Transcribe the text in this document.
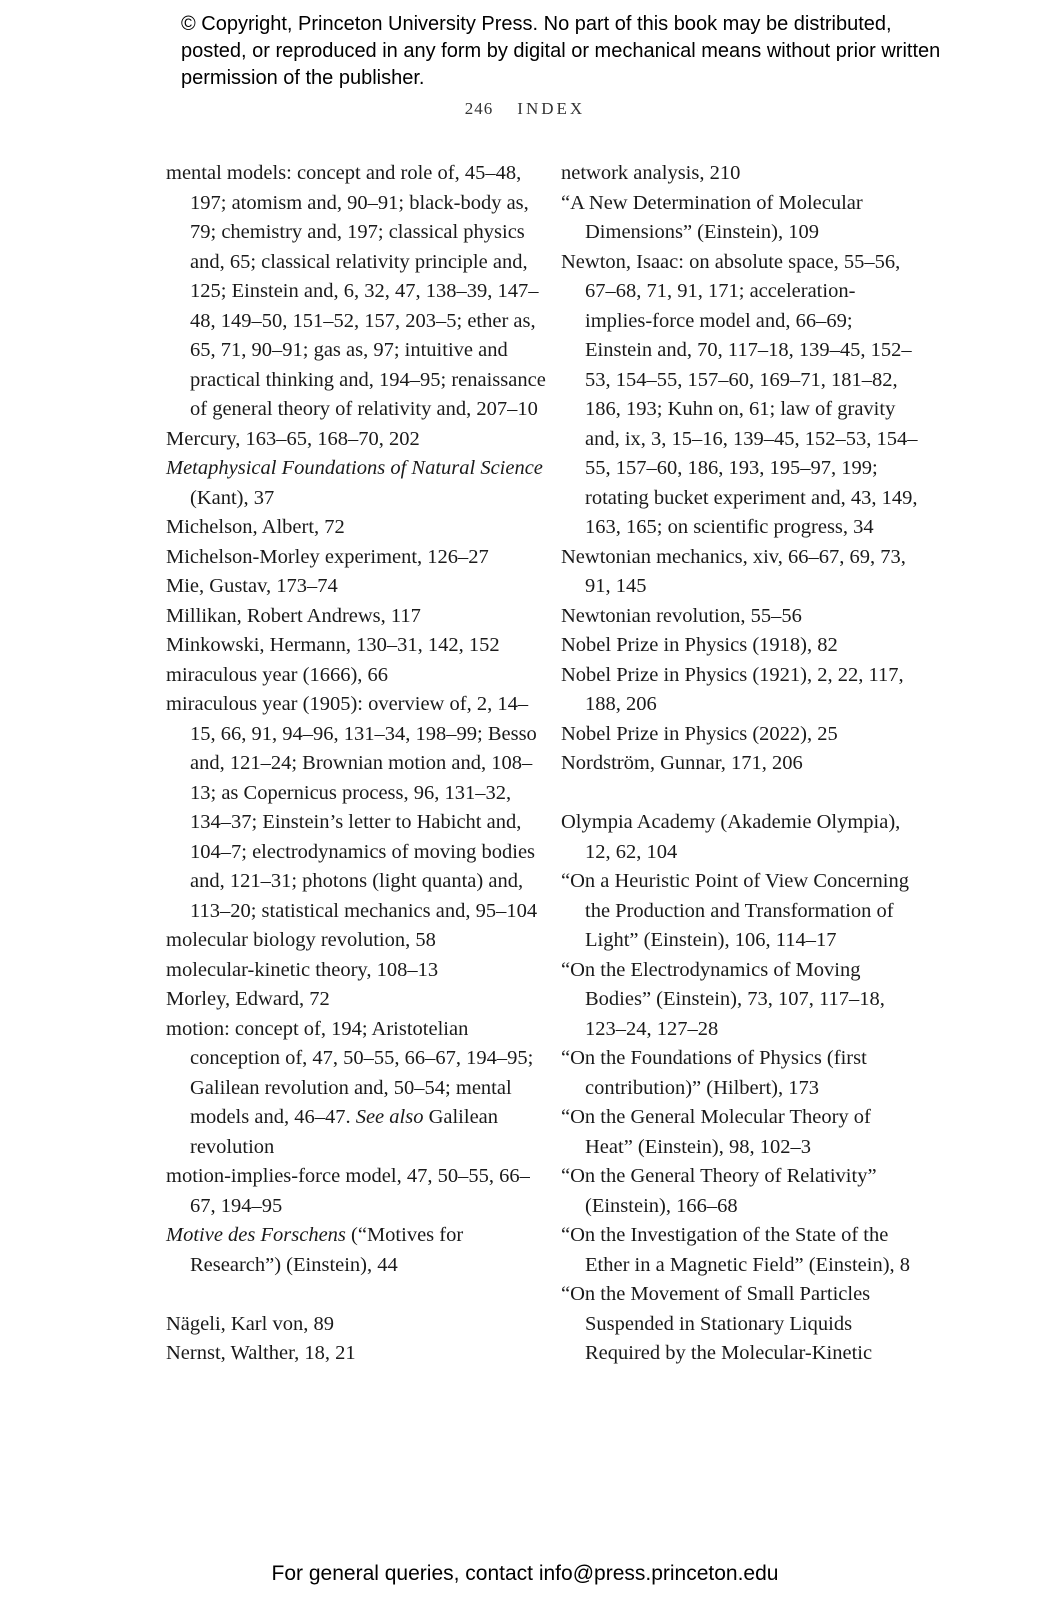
© Copyright, Princeton University Press. No part of this book may be distributed, posted, or reproduced in any form by digital or mechanical means without prior written permission of the publisher.
246 INDEX

mental models: concept and role of, 45–48, 197; atomism and, 90–91; black-body as, 79; chemistry and, 197; classical physics and, 65; classical relativity principle and, 125; Einstein and, 6, 32, 47, 138–39, 147–48, 149–50, 151–52, 157, 203–5; ether as, 65, 71, 90–91; gas as, 97; intuitive and practical thinking and, 194–95; renaissance of general theory of relativity and, 207–10

Mercury, 163–65, 168–70, 202

Metaphysical Foundations of Natural Science (Kant), 37

Michelson, Albert, 72

Michelson-Morley experiment, 126–27

Mie, Gustav, 173–74

Millikan, Robert Andrews, 117

Minkowski, Hermann, 130–31, 142, 152

miraculous year (1666), 66

miraculous year (1905): overview of, 2, 14–15, 66, 91, 94–96, 131–34, 198–99; Besso and, 121–24; Brownian motion and, 108–13; as Copernicus process, 96, 131–32, 134–37; Einstein’s letter to Habicht and, 104–7; electrodynamics of moving bodies and, 121–31; photons (light quanta) and, 113–20; statistical mechanics and, 95–104

molecular biology revolution, 58

molecular-kinetic theory, 108–13

Morley, Edward, 72

motion: concept of, 194; Aristotelian conception of, 47, 50–55, 66–67, 194–95; Galilean revolution and, 50–54; mental models and, 46–47. See also Galilean revolution

motion-implies-force model, 47, 50–55, 66–67, 194–95

Motive des Forschens (“Motives for Research”) (Einstein), 44

Nägeli, Karl von, 89

Nernst, Walther, 18, 21

network analysis, 210

“A New Determination of Molecular Dimensions” (Einstein), 109

Newton, Isaac: on absolute space, 55–56, 67–68, 71, 91, 171; acceleration-implies-force model and, 66–69; Einstein and, 70, 117–18, 139–45, 152–53, 154–55, 157–60, 169–71, 181–82, 186, 193; Kuhn on, 61; law of gravity and, ix, 3, 15–16, 139–45, 152–53, 154–55, 157–60, 186, 193, 195–97, 199; rotating bucket experiment and, 43, 149, 163, 165; on scientific progress, 34

Newtonian mechanics, xiv, 66–67, 69, 73, 91, 145

Newtonian revolution, 55–56

Nobel Prize in Physics (1918), 82

Nobel Prize in Physics (1921), 2, 22, 117, 188, 206

Nobel Prize in Physics (2022), 25

Nordström, Gunnar, 171, 206

Olympia Academy (Akademie Olympia), 12, 62, 104

“On a Heuristic Point of View Concerning the Production and Transformation of Light” (Einstein), 106, 114–17

“On the Electrodynamics of Moving Bodies” (Einstein), 73, 107, 117–18, 123–24, 127–28

“On the Foundations of Physics (first contribution)” (Hilbert), 173

“On the General Molecular Theory of Heat” (Einstein), 98, 102–3

“On the General Theory of Relativity” (Einstein), 166–68

“On the Investigation of the State of the Ether in a Magnetic Field” (Einstein), 8

“On the Movement of Small Particles Suspended in Stationary Liquids Required by the Molecular-Kinetic

For general queries, contact info@press.princeton.edu
